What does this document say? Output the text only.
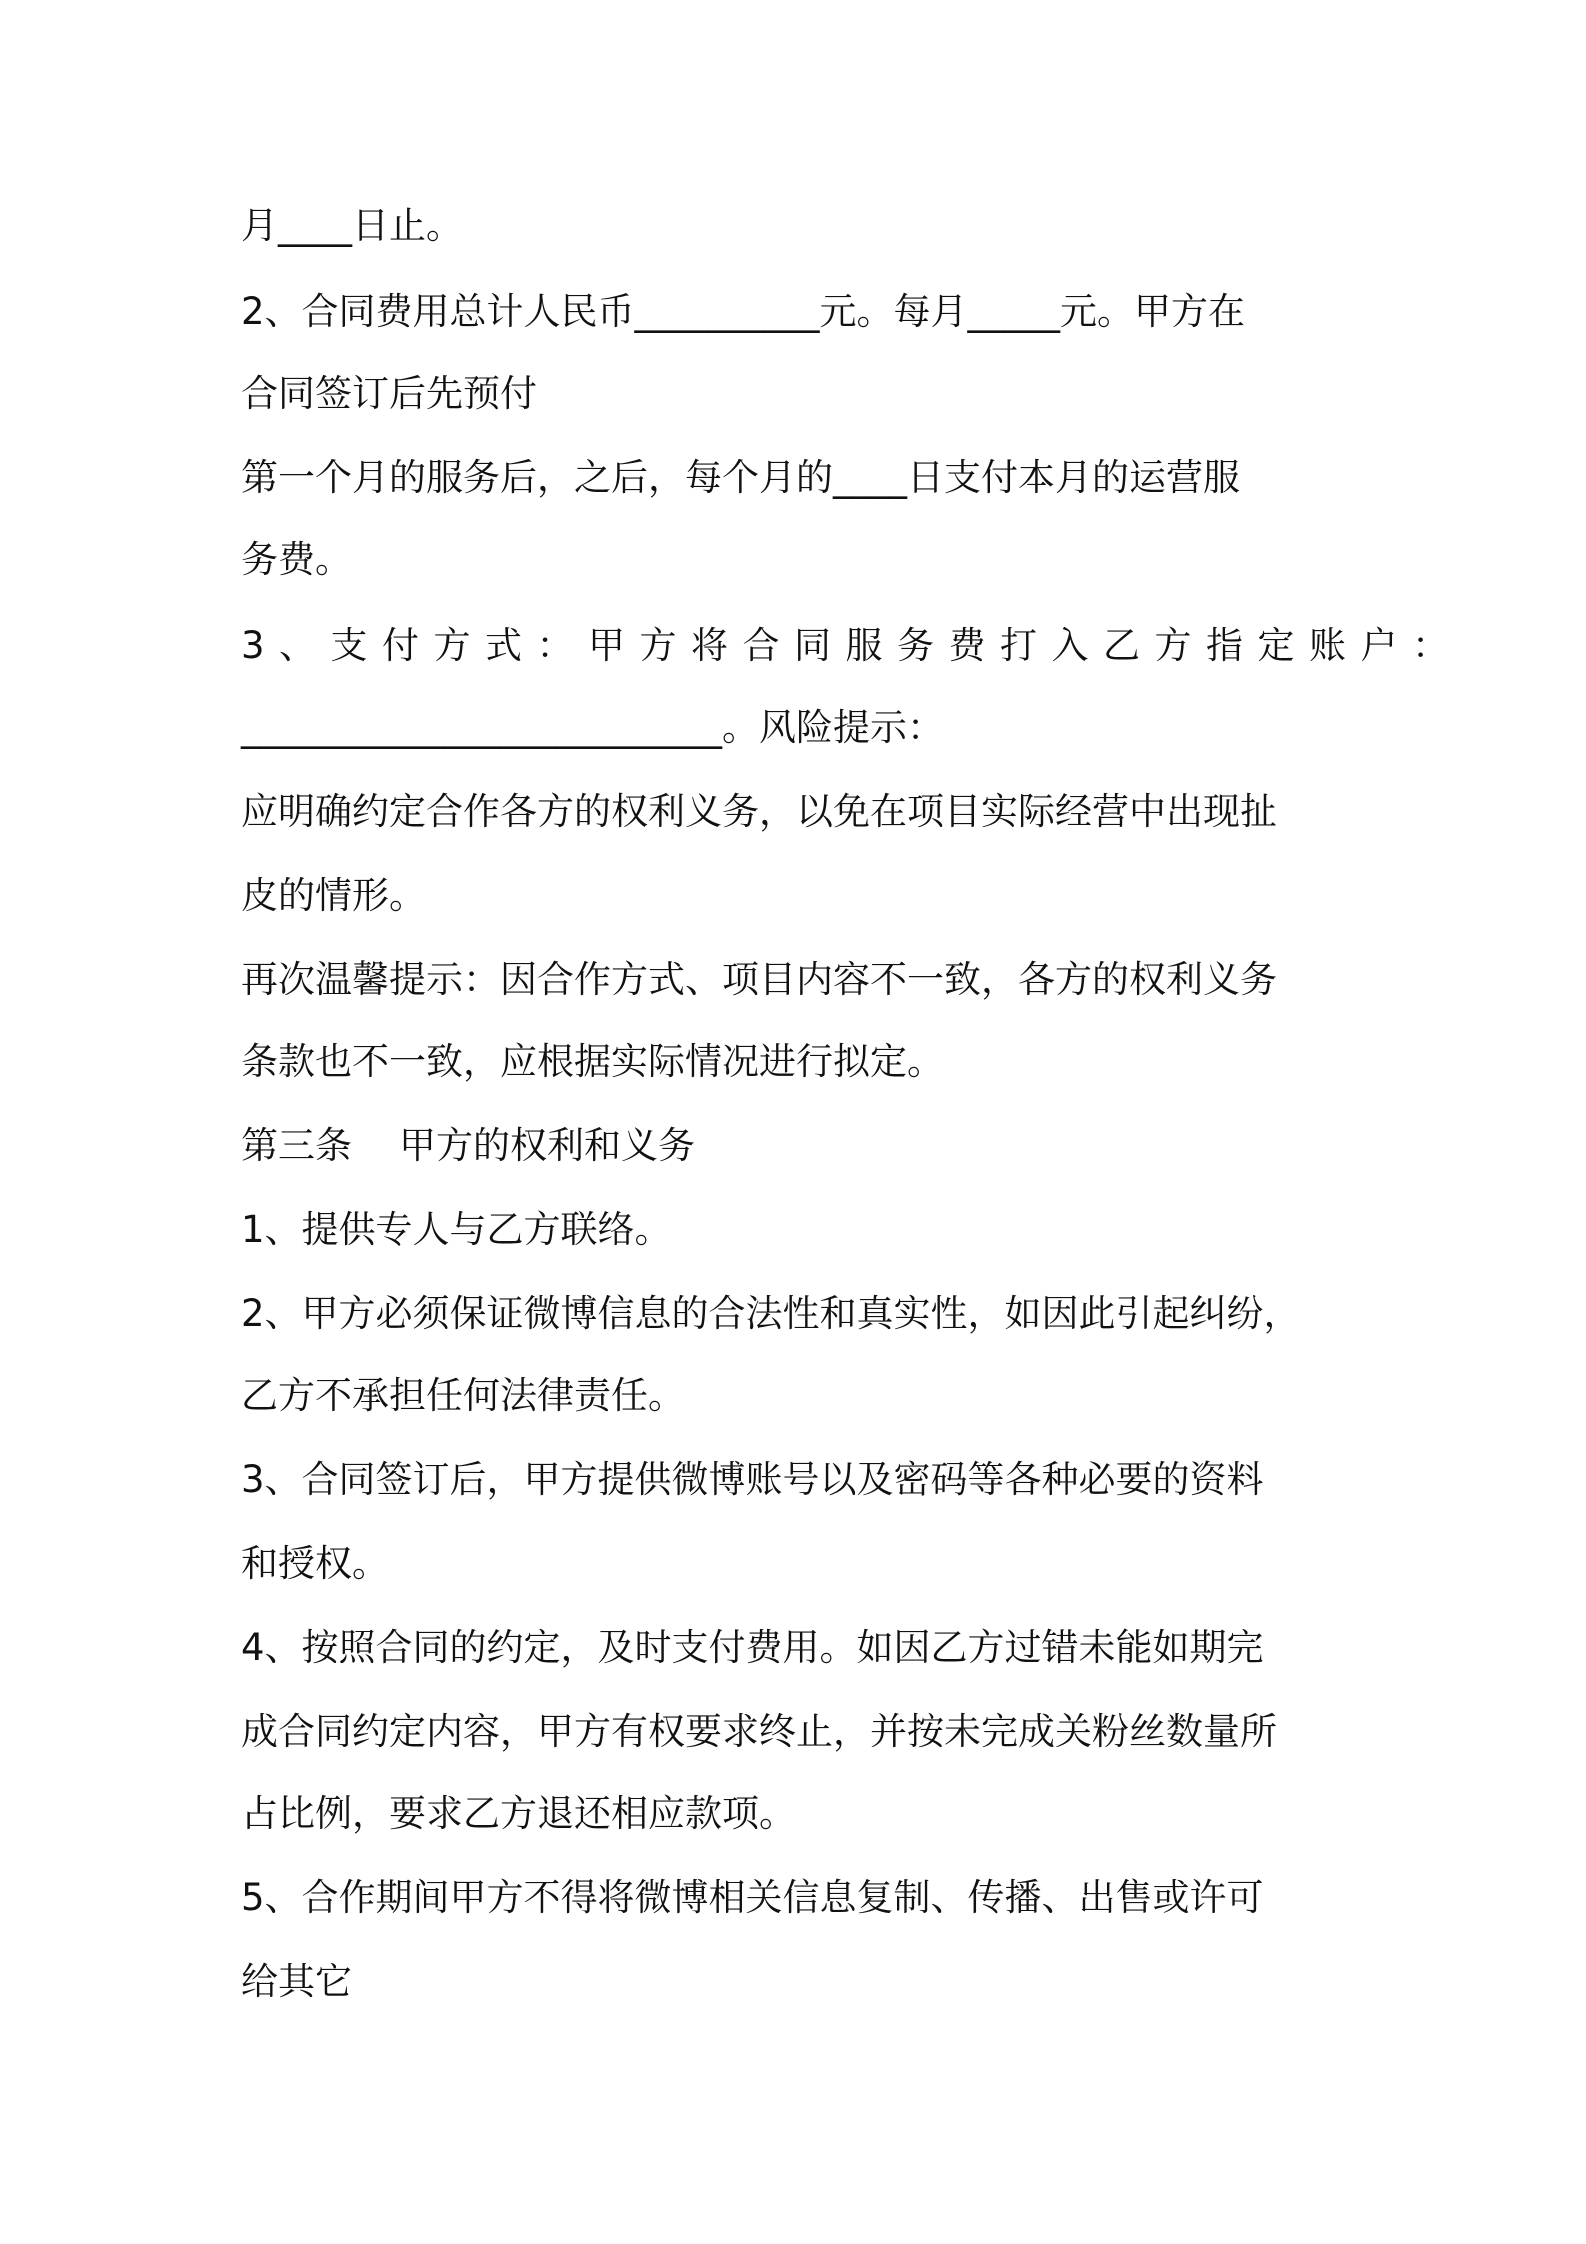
月____日止。
2、合同费用总计人民币__________元。每月_____元。甲方在
合同签订后先预付
第一个月的服务后，之后，每个月的____日支付本月的运营服
务费。
3、支付方式：甲方将合同服务费打入乙方指定账户：
__________________________。风险提示：
应明确约定合作各方的权利义务，以免在项目实际经营中出现扯
皮的情形。
再次温馨提示：因合作方式、项目内容不一致，各方的权利义务
条款也不一致，应根据实际情况进行拟定。
第三条    甲方的权利和义务
1、提供专人与乙方联络。
2、甲方必须保证微博信息的合法性和真实性，如因此引起纠纷，
乙方不承担任何法律责任。
3、合同签订后，甲方提供微博账号以及密码等各种必要的资料
和授权。
4、按照合同的约定，及时支付费用。如因乙方过错未能如期完
成合同约定内容，甲方有权要求终止，并按未完成关粉丝数量所
占比例，要求乙方退还相应款项。
5、合作期间甲方不得将微博相关信息复制、传播、出售或许可
给其它
